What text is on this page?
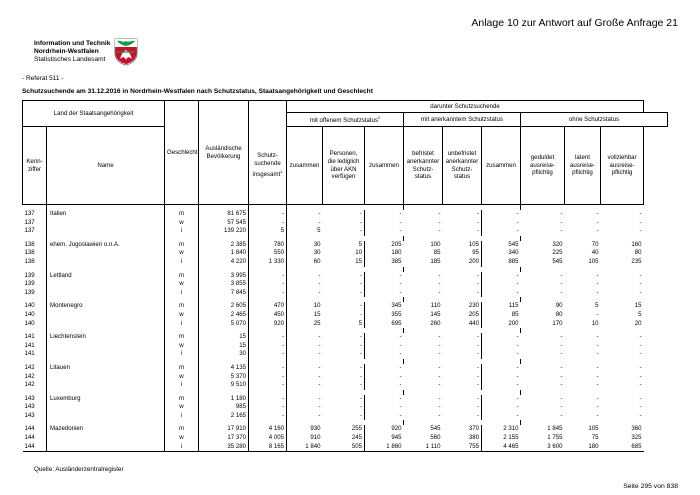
Anlage 10 zur Antwort auf Große Anfrage 21
Information und Technik
Nordrhein-Westfalen
Statistisches Landesamt
- Referat 511 -
Schutzsuchende am 31.12.2016 in Nordrhein-Westfalen nach Schutzstatus, Staatsangehörigkeit und Geschlecht
Land der Staatsangehörigkeit		Geschlecht	Ausländische Bevölkerung		darunter Schutzsuchende								
					mit offenem Schutzstatus$^2$			mit anerkanntem Schutzstatus			ohne Schutzstatus		
Kenn-
ziffer	Name			Schutz-
suchende
insgesamt$^1$	zusammen	Personen,
die lediglich
über AKN
verfügen	zusammen	befristet
anerkannter
Schutz-
status	unbefristet
anerkannter
Schutz-
status	zusammen	geduldet
ausreise-
pflichtig	latent
ausreise-
pflichtig	vollziehbar
ausreise-
pflichtig

137	Italien	m	81 675	-	-	-	-	-	-	-	-	-	-
137		w	57 545	-	-	-	-	-	-	-	-	-	-
137		i	139 220	5	5	-	-	-	-	-	-	-	-

138	ehem. Jugoslawien o.n.A.	m	2 385	780	30	5	205	100	105	545	320	70	160
138		w	1 840	550	30	10	180	85	95	340	225	40	80
138		i	4 220	1 330	60	15	385	185	200	885	545	105	235

139	Lettland	m	3 995	-	-	-	-	-	-	-	-	-	-
139		w	3 855	-	-	-	-	-	-	-	-	-	-
139		i	7 845	-	-	-	-	-	-	-	-	-	-

140	Montenegro	m	2 605	470	10	-	345	110	230	115	90	5	15
140		w	2 465	450	15	-	355	145	205	85	80	-	5
140		i	5 070	920	25	5	695	260	440	200	170	10	20

141	Liechtenstein	m	15	-	-	-	-	-	-	-	-	-	-
141		w	15	-	-	-	-	-	-	-	-	-	-
141		i	30	-	-	-	-	-	-	-	-	-	-

142	Litauen	m	4 135	-	-	-	-	-	-	-	-	-	-
142		w	5 370	-	-	-	-	-	-	-	-	-	-
142		i	9 510	-	-	-	-	-	-	-	-	-	-

143	Luxemburg	m	1 180	-	-	-	-	-	-	-	-	-	-
143		w	985	-	-	-	-	-	-	-	-	-	-
143		i	2 165	-	-	-	-	-	-	-	-	-	-

144	Mazedonien	m	17 910	4 160	930	255	920	545	370	2 310	1 845	105	360
144		w	17 370	4 005	910	245	945	560	380	2 155	1 755	75	325
144		i	35 280	8 165	1 840	505	1 860	1 110	755	4 465	3 600	180	685
Quelle: Ausländerzentralregister
Seite 295 von 838
